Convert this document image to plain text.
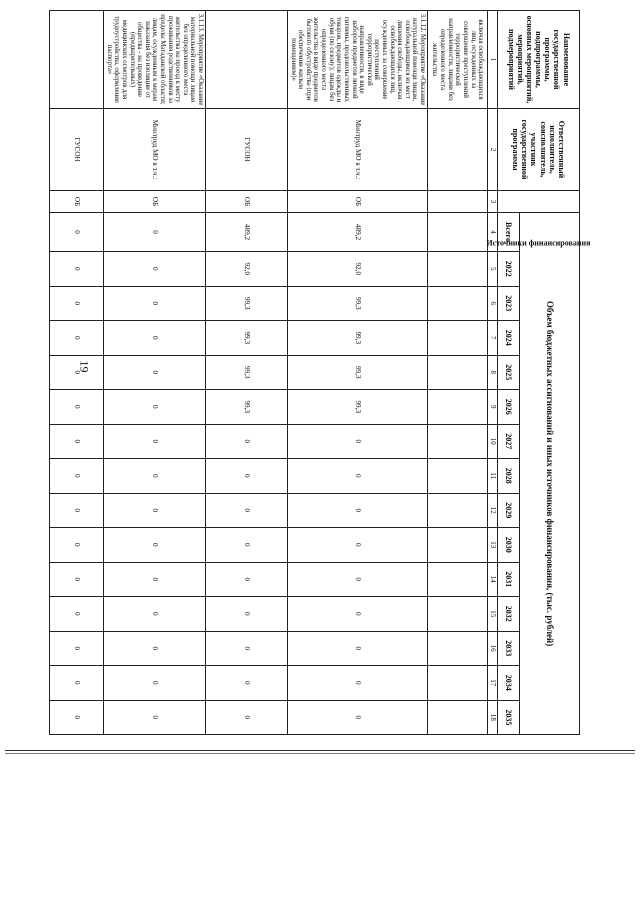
19
Наименование государственной программы, подпрограммы, основных мероприятий, мероприятий, подмероприятий	Ответственный исполнитель, соисполнитель, участник государственной программы	Источники финансирования	Объем бюджетных ассигнований и иных источников финансирования, (тыс. рублей)														
			Всего	2022	2023	2024	2025	2026	2027	2028	2029	2030	2031	2032	2033	2034	2035
1	2	3	4	5	6	7	8	9	10	11	12	13	14	15	16	17	18
включая освобождающихся лиц, осужденных за совершение преступлений террористической направленности, лицами без определенного места жительства																	
3.1.12. Мероприятие «Оказание натуральной помощи лицам, освобождающимся из мест лишения свободы, включая освобождающихся лиц, осужденных за совершение преступлений террористической направленности, в виде наборов предметов личной гигиены, продовольственных товаров, предметов одежды и обуви (по сезону); лицам без определенного места жительства в виде предметов бытового обустройства (при обеспечении жилым помещением)»	Минтруд МО в т.ч.:	ОБ	489,2	92,0	99,3	99,3	99,3	99,3	0	0	0	0	0	0	0	0	0
	ГУСОН	ОБ	489,2	92,0	99,3	99,3	99,3	99,3	0	0	0	0	0	0	0	0	0
3.1.13. Мероприятие «Оказание материальной помощи лицам без определенного места жительства на проезд к месту проживания родственников за пределы Магаданской области; лицам, осужденным к мерам наказания без изоляции от общества - на проведение (предварительных) медицинских осмотров для трудоустройства, оформление паспорта»	Минтруд МО в т.ч.:	ОБ	0	0	0	0	0	0	0	0	0	0	0	0	0	0	0
	ГУСОН	ОБ	0	0	0	0	0	0	0	0	0	0	0	0	0	0	0
